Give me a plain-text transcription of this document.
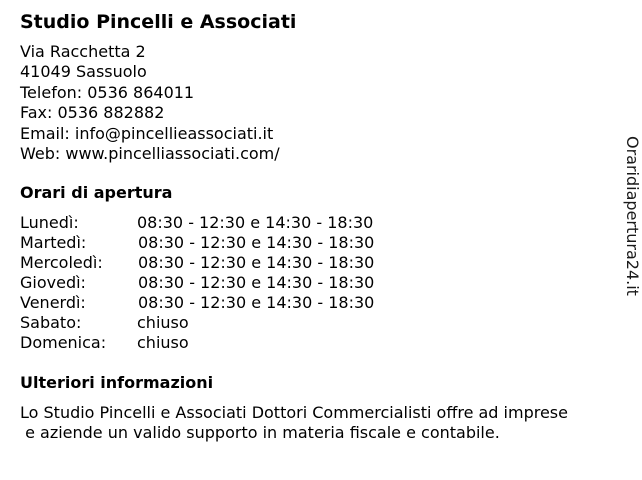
Studio Pincelli e Associati
Via Racchetta 2
41049 Sassuolo
Telefon: 0536 864011
Fax: 0536 882882
Email: info@pincellieassociati.it
Web: www.pincelliassociati.com/
Orari di apertura
Lunedì:	08:30 - 12:30 e 14:30 - 18:30
Martedì:	08:30 - 12:30 e 14:30 - 18:30
Mercoledì: 08:30 - 12:30 e 14:30 - 18:30
Giovedì:	08:30 - 12:30 e 14:30 - 18:30
Venerdì:	08:30 - 12:30 e 14:30 - 18:30
Sabato:	chiuso
Domenica: chiuso
Ulteriori informazioni
Lo Studio Pincelli e Associati Dottori Commercialisti offre ad imprese
e aziende un valido supporto in materia fiscale e contabile.
Oraridiapertura24.it
